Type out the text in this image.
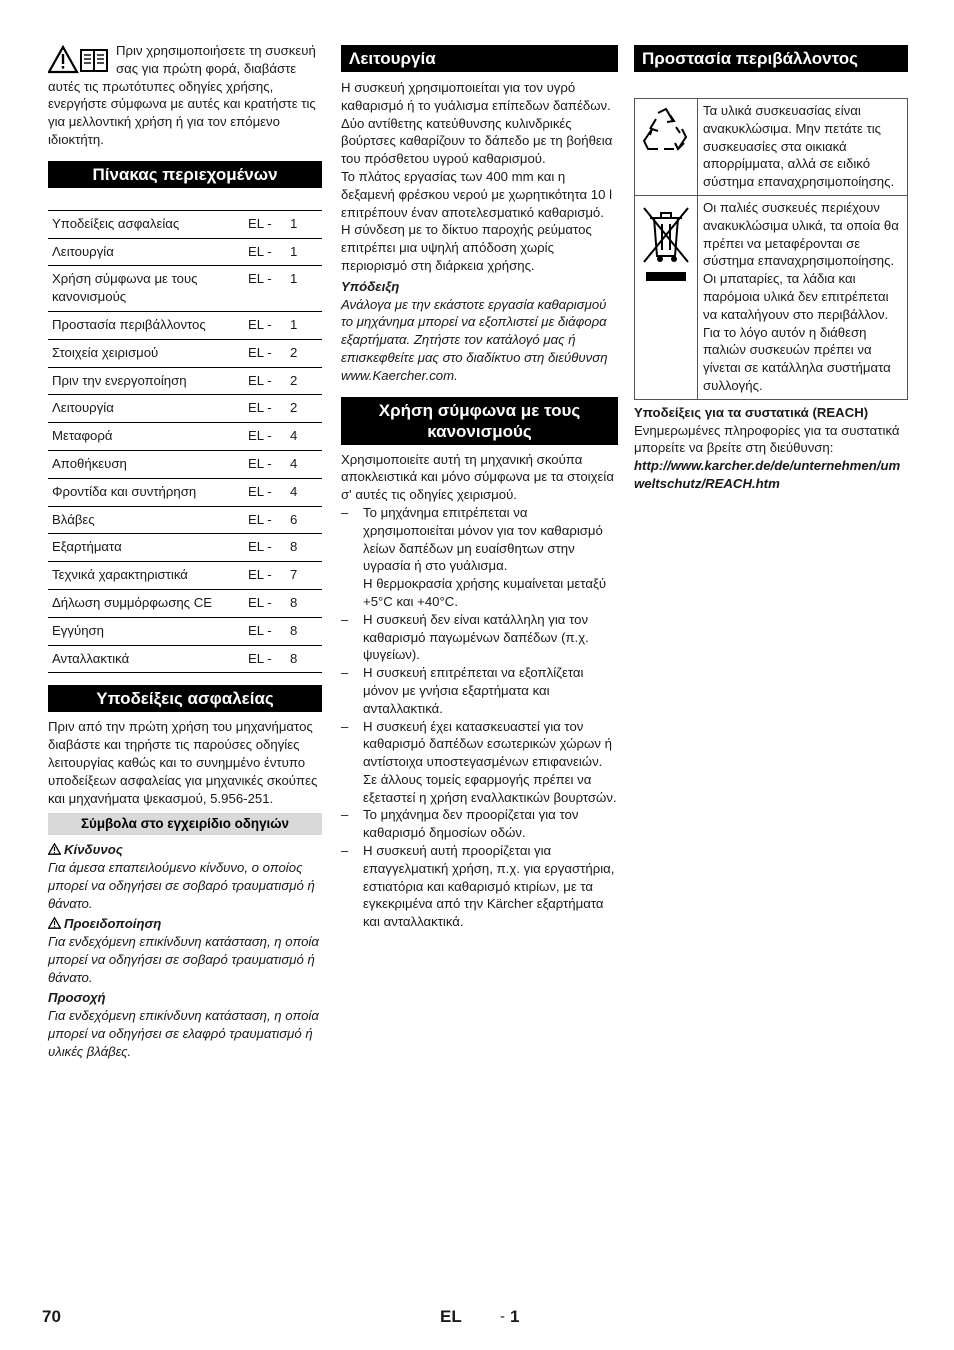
Πριν χρησιμοποιήσετε τη συσκευή σας για πρώτη φορά, διαβάστε αυτές τις πρωτότυπες οδηγίες χρήσης, ενεργήστε σύμφωνα με αυτές και κρατήστε τις για μελλοντική χρήση ή για τον επόμενο ιδιοκτήτη.

Πίνακας περιεχομένων
Υποδείξεις ασφαλείας	EL -	1
Λειτουργία	EL -	1
Χρήση σύμφωνα με τους κανονισμούς	EL -	1
Προστασία περιβάλλοντος	EL -	1
Στοιχεία χειρισμού	EL -	2
Πριν την ενεργοποίηση	EL -	2
Λειτουργία	EL -	2
Μεταφορά	EL -	4
Αποθήκευση	EL -	4
Φροντίδα και συντήρηση	EL -	4
Βλάβες	EL -	6
Εξαρτήματα	EL -	8
Τεχνικά χαρακτηριστικά	EL -	7
Δήλωση συμμόρφωσης CE	EL -	8
Εγγύηση	EL -	8
Ανταλλακτικά	EL -	8
Υποδείξεις ασφαλείας

Πριν από την πρώτη χρήση του μηχανήματος διαβάστε και τηρήστε τις παρούσες οδηγίες λειτουργίας καθώς και το συνημμένο έντυπο υποδείξεων ασφαλείας για μηχανικές σκούπες και μηχανήματα ψεκασμού, 5.956-251.

Σύμβολα στο εγχειρίδιο οδηγιών

Κίνδυνος

Για άμεσα επαπειλούμενο κίνδυνο, ο οποίος μπορεί να οδηγήσει σε σοβαρό τραυματισμό ή θάνατο.

Προειδοποίηση

Για ενδεχόμενη επικίνδυνη κατάσταση, η οποία μπορεί να οδηγήσει σε σοβαρό τραυματισμό ή θάνατο.

Προσοχή

Για ενδεχόμενη επικίνδυνη κατάσταση, η οποία μπορεί να οδηγήσει σε ελαφρό τραυματισμό ή υλικές βλάβες.

Λειτουργία

Η συσκευή χρησιμοποιείται για τον υγρό καθαρισμό ή το γυάλισμα επίπεδων δαπέδων.

Δύο αντίθετης κατεύθυνσης κυλινδρικές βούρτσες καθαρίζουν το δάπεδο με τη βοήθεια του πρόσθετου υγρού καθαρισμού.

Το πλάτος εργασίας των 400 mm και η δεξαμενή φρέσκου νερού με χωρητικότητα 10 l επιτρέπουν έναν αποτελεσματικό καθαρισμό.

Η σύνδεση με το δίκτυο παροχής ρεύματος επιτρέπει μια υψηλή απόδοση χωρίς περιορισμό στη διάρκεια χρήσης.

Υπόδειξη

Ανάλογα με την εκάστοτε εργασία καθαρισμού το μηχάνημα μπορεί να εξοπλιστεί με διάφορα εξαρτήματα. Ζητήστε τον κατάλογό μας ή επισκεφθείτε μας στο διαδίκτυο στη διεύθυνση www.Kaercher.com.

Χρήση σύμφωνα με τους κανονισμούς

Χρησιμοποιείτε αυτή τη μηχανική σκούπα αποκλειστικά και μόνο σύμφωνα με τα στοιχεία σ' αυτές τις οδηγίες χειρισμού.

– Το μηχάνημα επιτρέπεται να χρησιμοποιείται μόνον για τον καθαρισμό λείων δαπέδων μη ευαίσθητων στην υγρασία ή στο γυάλισμα.
Η θερμοκρασία χρήσης κυμαίνεται μεταξύ +5°C και +40°C.
– Η συσκευή δεν είναι κατάλληλη για τον καθαρισμό παγωμένων δαπέδων (π.χ. ψυγείων).
– Η συσκευή επιτρέπεται να εξοπλίζεται μόνον με γνήσια εξαρτήματα και ανταλλακτικά.
– Η συσκευή έχει κατασκευαστεί για τον καθαρισμό δαπέδων εσωτερικών χώρων ή αντίστοιχα υποστεγασμένων επιφανειών. Σε άλλους τομείς εφαρμογής πρέπει να εξεταστεί η χρήση εναλλακτικών βουρτσών.
– Το μηχάνημα δεν προορίζεται για τον καθαρισμό δημοσίων οδών.
– Η συσκευή αυτή προορίζεται για επαγγελματική χρήση, π.χ. για εργαστήρια, εστιατόρια και καθαρισμό κτιρίων, με τα εγκεκριμένα από την Kärcher εξαρτήματα και ανταλλακτικά.
Προστασία περιβάλλοντος
	Τα υλικά συσκευασίας είναι ανακυκλώσιμα. Μην πετάτε τις συσκευασίες στα οικιακά απορρίμματα, αλλά σε ειδικό σύστημα επαναχρησιμοποίησης.
	Οι παλιές συσκευές περιέχουν ανακυκλώσιμα υλικά, τα οποία θα πρέπει να μεταφέρονται σε σύστημα επαναχρησιμοποίησης. Οι μπαταρίες, τα λάδια και παρόμοια υλικά δεν επιτρέπεται να καταλήγουν στο περιβάλλον. Για το λόγο αυτόν η διάθεση παλιών συσκευών πρέπει να γίνεται σε κατάλληλα συστήματα συλλογής.

Υποδείξεις για τα συστατικά (REACH)

Ενημερωμένες πληροφορίες για τα συστατικά μπορείτε να βρείτε στη διεύθυνση:

http://www.karcher.de/de/unternehmen/umweltschutz/REACH.htm

70	EL	- 1
